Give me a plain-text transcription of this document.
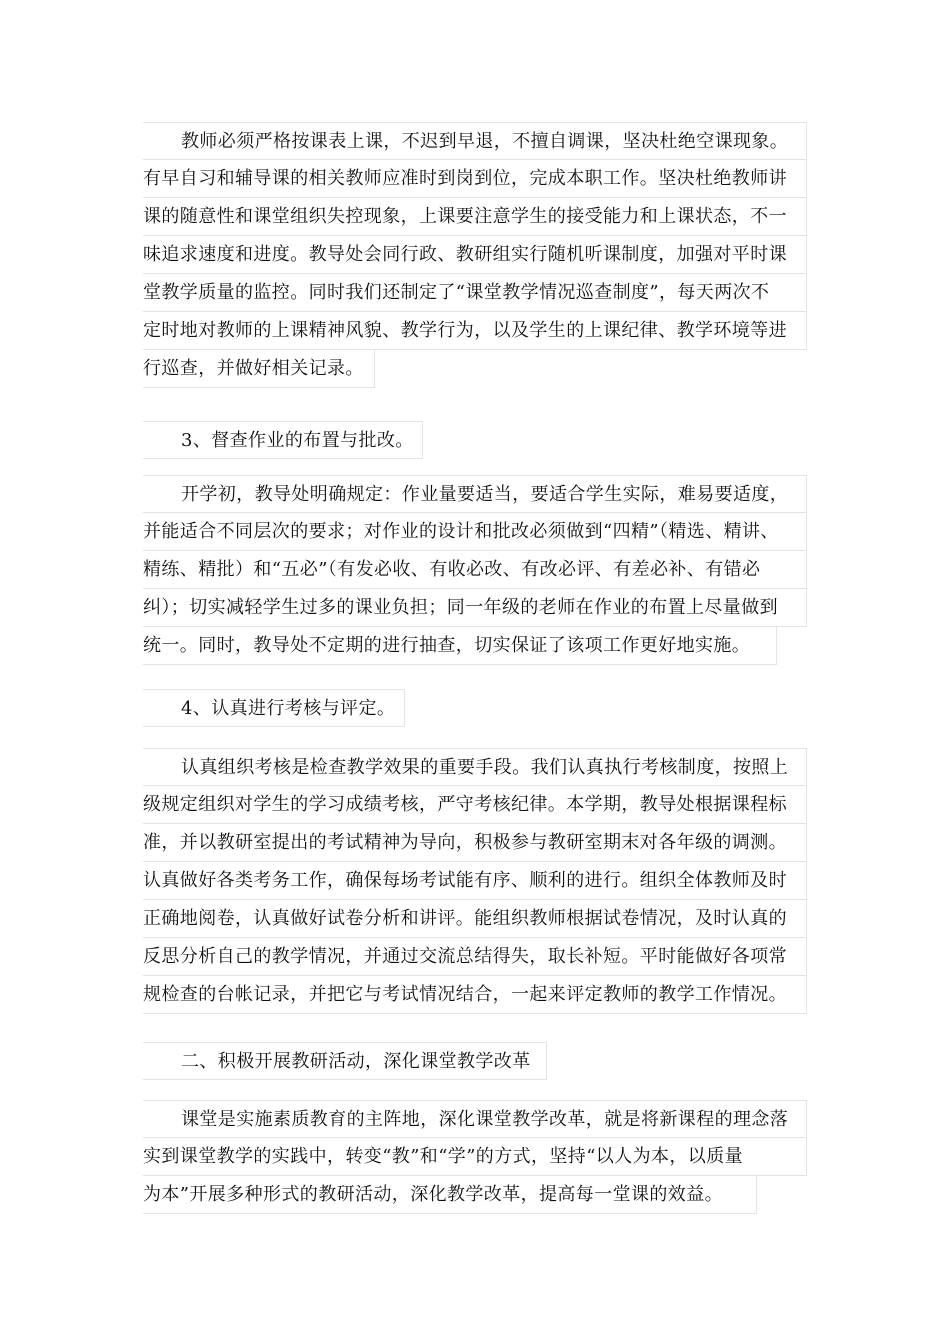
教师必须严格按课表上课，不迟到早退，不擅自调课，坚决杜绝空课现象。
有早自习和辅导课的相关教师应准时到岗到位，完成本职工作。坚决杜绝教师讲
课的随意性和课堂组织失控现象，上课要注意学生的接受能力和上课状态，不一
味追求速度和进度。教导处会同行政、教研组实行随机听课制度，加强对平时课
堂教学质量的监控。同时我们还制定了“课堂教学情况巡查制度”，每天两次不
定时地对教师的上课精神风貌、教学行为，以及学生的上课纪律、教学环境等进
行巡查，并做好相关记录。
3、督查作业的布置与批改。
开学初，教导处明确规定：作业量要适当，要适合学生实际，难易要适度，
并能适合不同层次的要求；对作业的设计和批改必须做到“四精”（精选、精讲、
精练、精批）和“五必”（有发必收、有收必改、有改必评、有差必补、有错必
纠）；切实减轻学生过多的课业负担；同一年级的老师在作业的布置上尽量做到
统一。同时，教导处不定期的进行抽查，切实保证了该项工作更好地实施。
4、认真进行考核与评定。
认真组织考核是检查教学效果的重要手段。我们认真执行考核制度，按照上
级规定组织对学生的学习成绩考核，严守考核纪律。本学期，教导处根据课程标
准，并以教研室提出的考试精神为导向，积极参与教研室期末对各年级的调测。
认真做好各类考务工作，确保每场考试能有序、顺利的进行。组织全体教师及时
正确地阅卷，认真做好试卷分析和讲评。能组织教师根据试卷情况，及时认真的
反思分析自己的教学情况，并通过交流总结得失，取长补短。平时能做好各项常
规检查的台帐记录，并把它与考试情况结合，一起来评定教师的教学工作情况。
二、积极开展教研活动，深化课堂教学改革
课堂是实施素质教育的主阵地，深化课堂教学改革，就是将新课程的理念落
实到课堂教学的实践中，转变“教”和“学”的方式，坚持“以人为本，以质量
为本”开展多种形式的教研活动，深化教学改革，提高每一堂课的效益。
